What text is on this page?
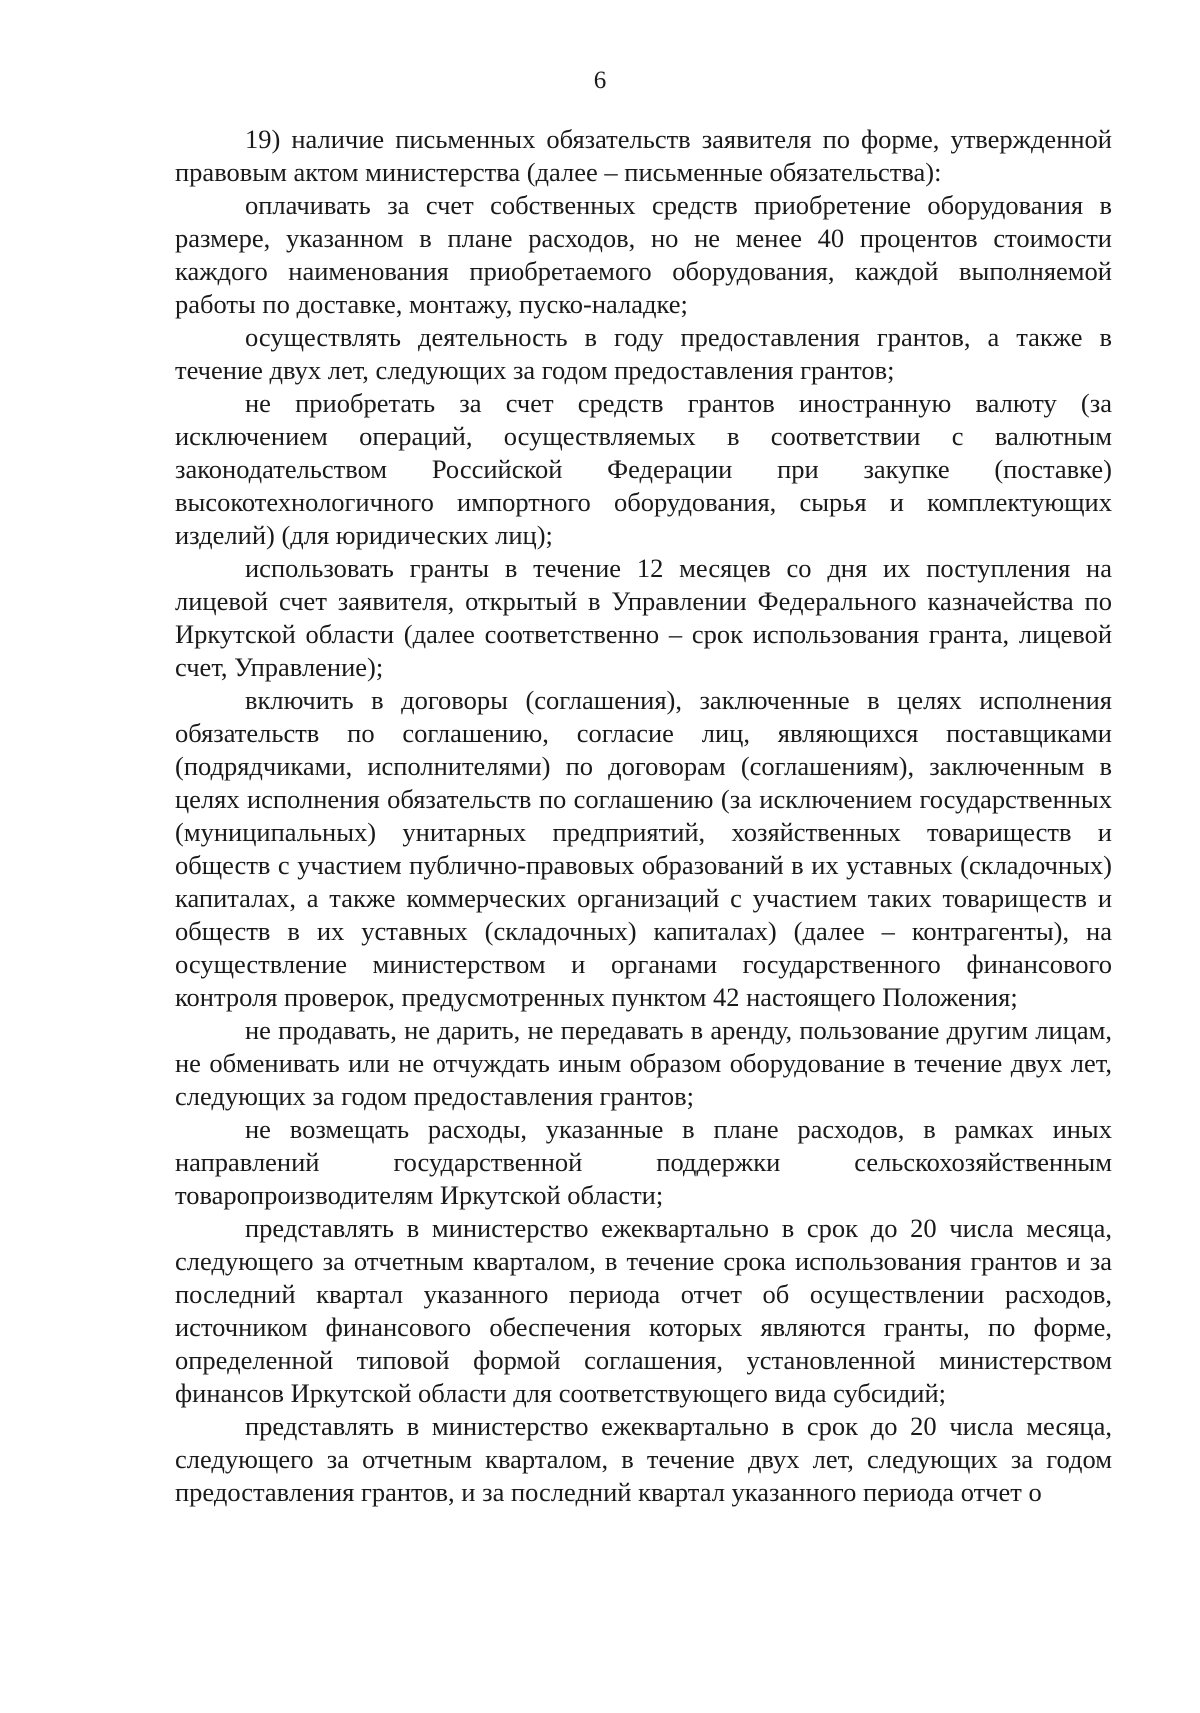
6

19) наличие письменных обязательств заявителя по форме, утвержденной правовым актом министерства (далее – письменные обязательства):

оплачивать за счет собственных средств приобретение оборудования в размере, указанном в плане расходов, но не менее 40 процентов стоимости каждого наименования приобретаемого оборудования, каждой выполняемой работы по доставке, монтажу, пуско-наладке;

осуществлять деятельность в году предоставления грантов, а также в течение двух лет, следующих за годом предоставления грантов;

не приобретать за счет средств грантов иностранную валюту (за исключением операций, осуществляемых в соответствии с валютным законодательством Российской Федерации при закупке (поставке) высокотехнологичного импортного оборудования, сырья и комплектующих изделий) (для юридических лиц);

использовать гранты в течение 12 месяцев со дня их поступления на лицевой счет заявителя, открытый в Управлении Федерального казначейства по Иркутской области (далее соответственно – срок использования гранта, лицевой счет, Управление);

включить в договоры (соглашения), заключенные в целях исполнения обязательств по соглашению, согласие лиц, являющихся поставщиками (подрядчиками, исполнителями) по договорам (соглашениям), заключенным в целях исполнения обязательств по соглашению (за исключением государственных (муниципальных) унитарных предприятий, хозяйственных товариществ и обществ с участием публично-правовых образований в их уставных (складочных) капиталах, а также коммерческих организаций с участием таких товариществ и обществ в их уставных (складочных) капиталах) (далее – контрагенты), на осуществление министерством и органами государственного финансового контроля проверок, предусмотренных пунктом 42 настоящего Положения;

не продавать, не дарить, не передавать в аренду, пользование другим лицам, не обменивать или не отчуждать иным образом оборудование в течение двух лет, следующих за годом предоставления грантов;

не возмещать расходы, указанные в плане расходов, в рамках иных направлений государственной поддержки сельскохозяйственным товаропроизводителям Иркутской области;

представлять в министерство ежеквартально в срок до 20 числа месяца, следующего за отчетным кварталом, в течение срока использования грантов и за последний квартал указанного периода отчет об осуществлении расходов, источником финансового обеспечения которых являются гранты, по форме, определенной типовой формой соглашения, установленной министерством финансов Иркутской области для соответствующего вида субсидий;

представлять в министерство ежеквартально в срок до 20 числа месяца, следующего за отчетным кварталом, в течение двух лет, следующих за годом предоставления грантов, и за последний квартал указанного периода отчет о
